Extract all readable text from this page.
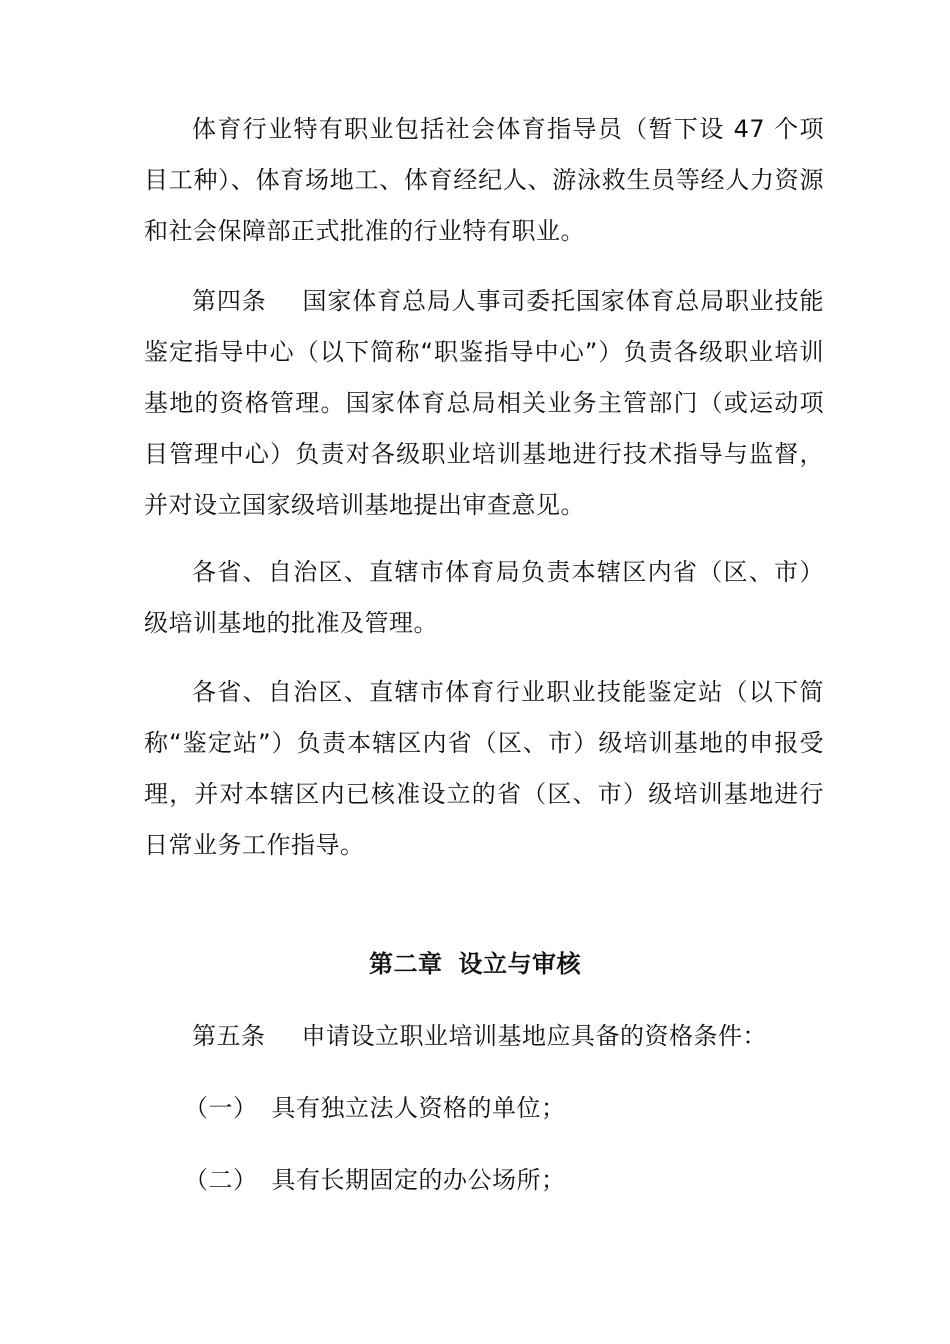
体育行业特有职业包括社会体育指导员（暂下设 47 个项目工种）、体育场地工、体育经纪人、游泳救生员等经人力资源和社会保障部正式批准的行业特有职业。

第四条 国家体育总局人事司委托国家体育总局职业技能鉴定指导中心（以下简称“职鉴指导中心”）负责各级职业培训基地的资格管理。国家体育总局相关业务主管部门（或运动项目管理中心）负责对各级职业培训基地进行技术指导与监督，并对设立国家级培训基地提出审查意见。

各省、自治区、直辖市体育局负责本辖区内省（区、市）级培训基地的批准及管理。

各省、自治区、直辖市体育行业职业技能鉴定站（以下简称“鉴定站”）负责本辖区内省（区、市）级培训基地的申报受理，并对本辖区内已核准设立的省（区、市）级培训基地进行日常业务工作指导。

第二章 设立与审核

第五条 申请设立职业培训基地应具备的资格条件：

（一） 具有独立法人资格的单位；

（二） 具有长期固定的办公场所；
